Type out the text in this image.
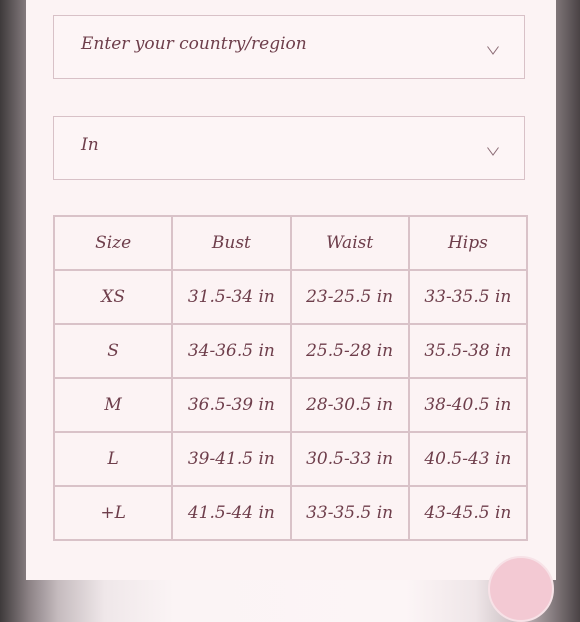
Enter your country/region
In
Size	Bust	Waist	Hips
XS	31.5-34 in	23-25.5 in	33-35.5 in
S	34-36.5 in	25.5-28 in	35.5-38 in
M	36.5-39 in	28-30.5 in	38-40.5 in
L	39-41.5 in	30.5-33 in	40.5-43 in
+L	41.5-44 in	33-35.5 in	43-45.5 in
